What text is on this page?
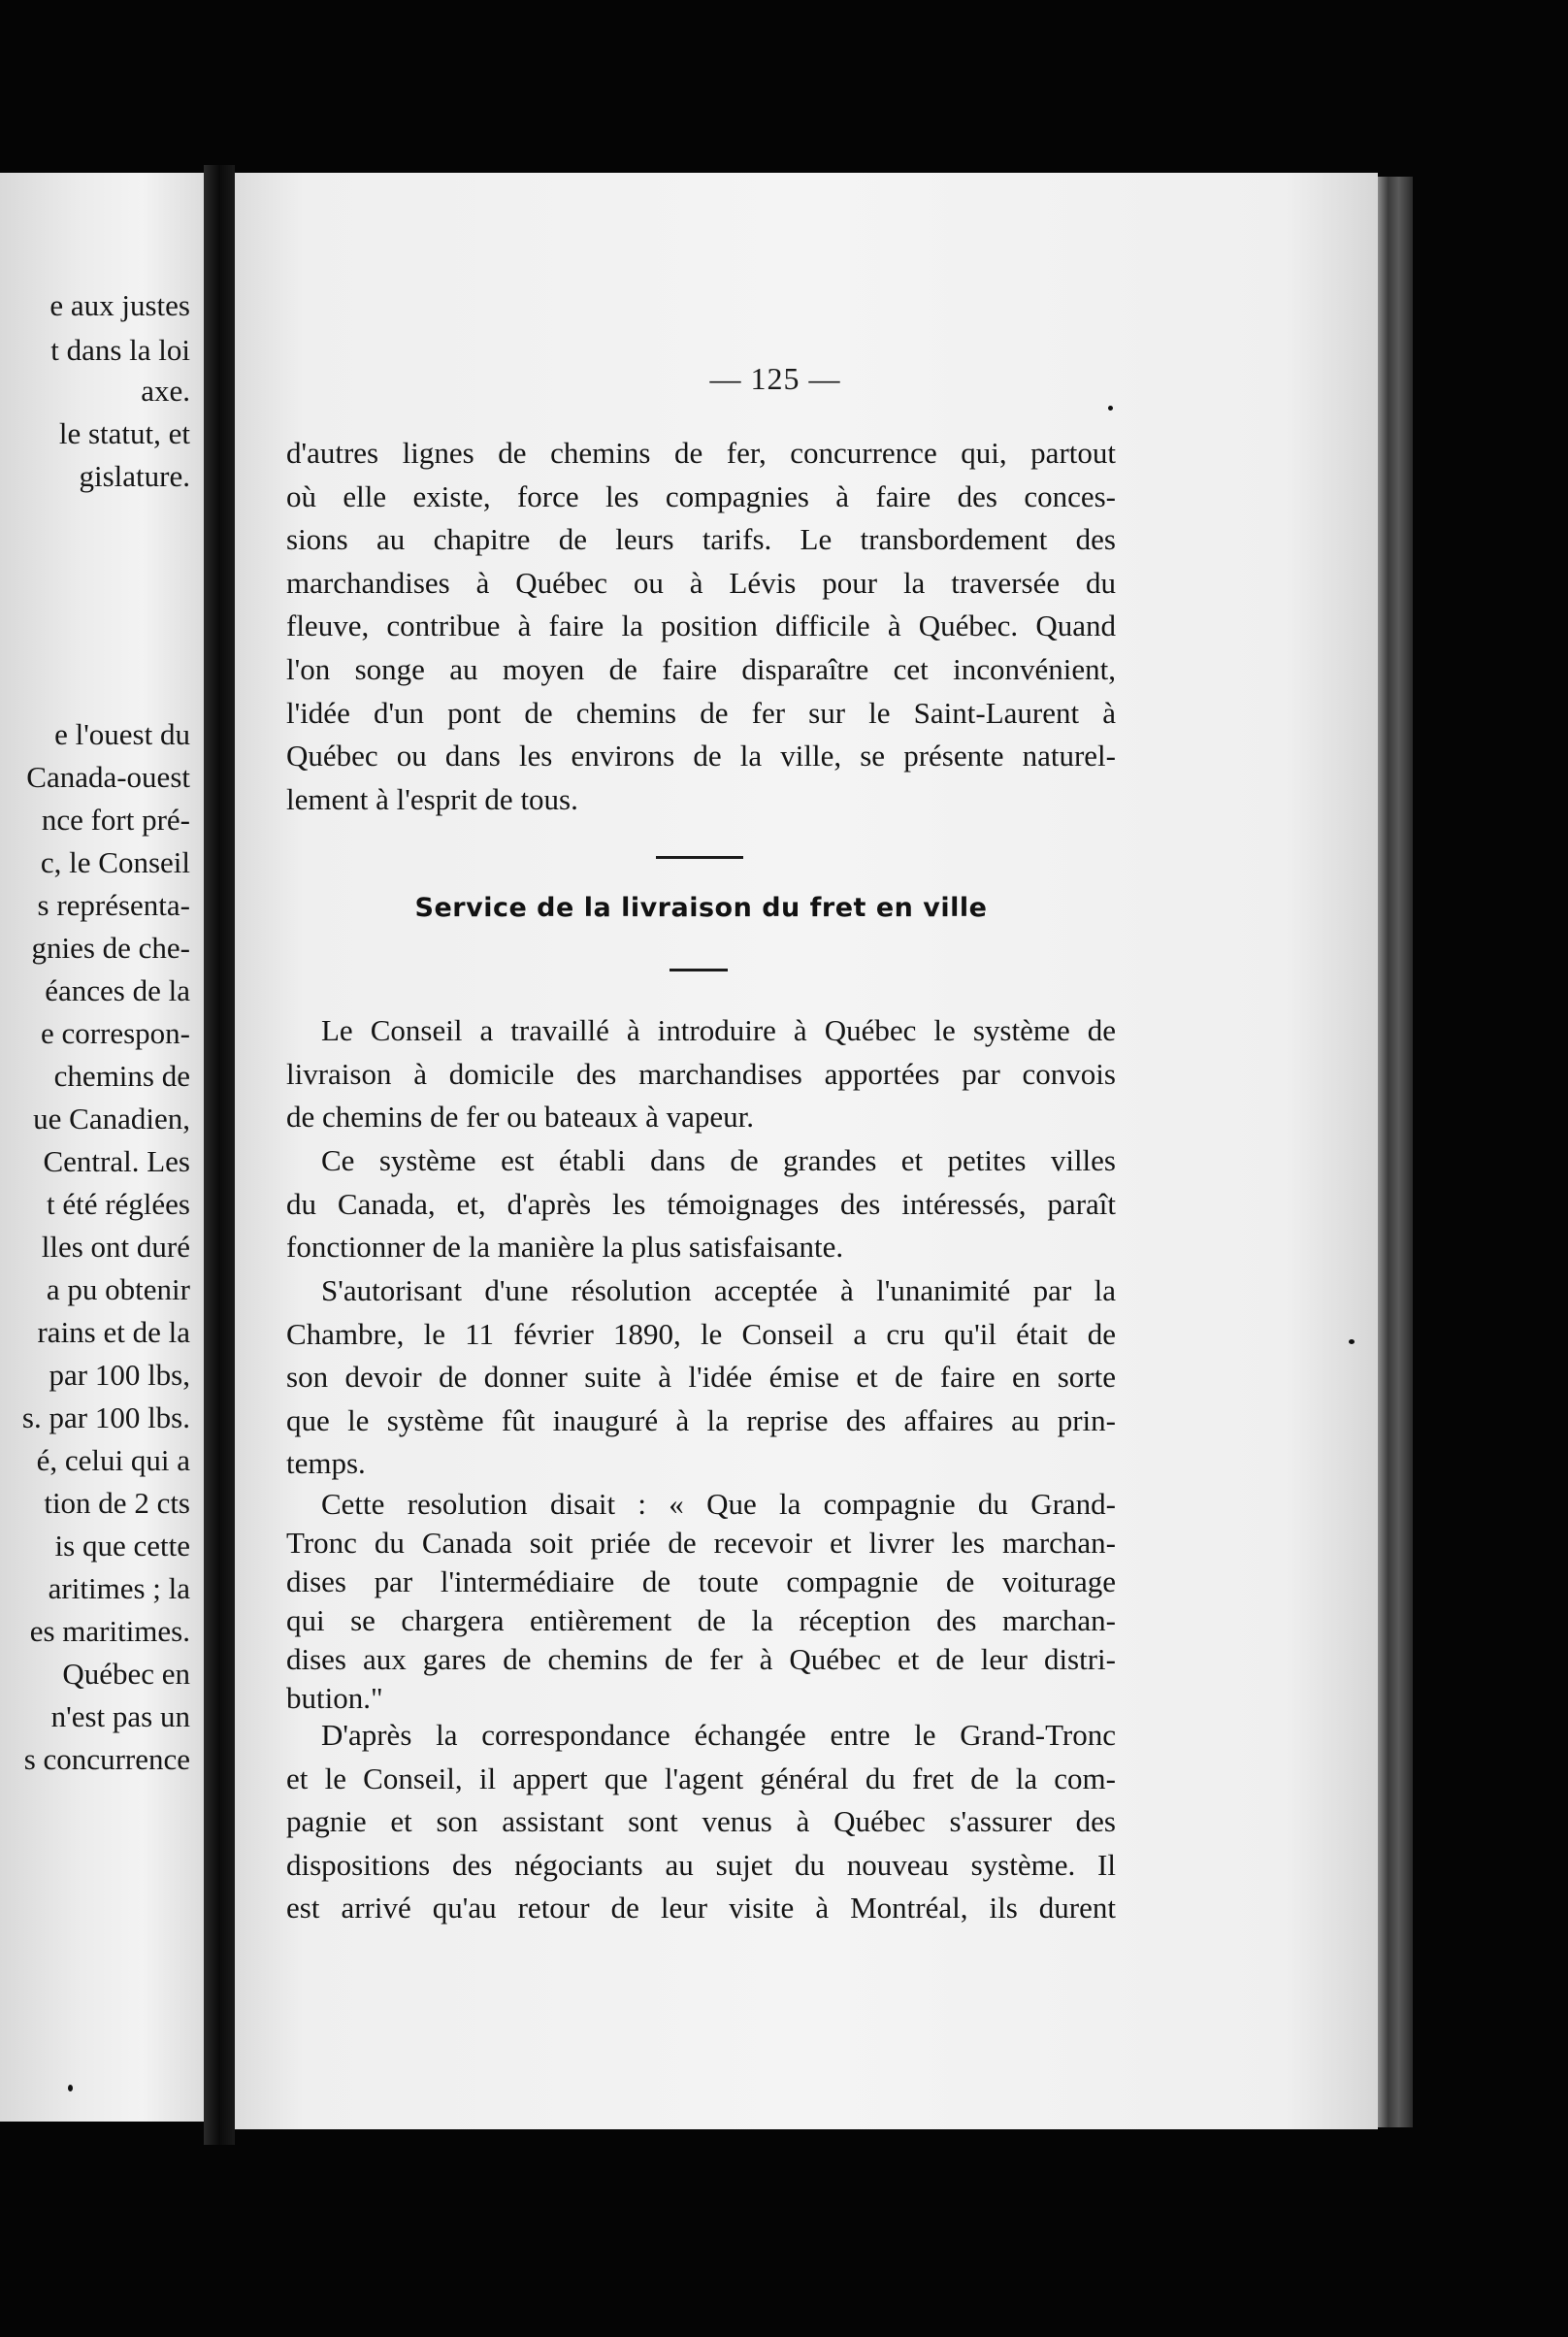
e aux justes
t dans la loi
axe.
le statut, et
gislature.
e l'ouest du
Canada-ouest
nce fort pré-
c, le Conseil
s représenta-
gnies de che-
éances de la
e correspon-
chemins de
ue Canadien,
Central. Les
t été réglées
lles ont duré
a pu obtenir
rains et de la
par 100 lbs,
s. par 100 lbs.
é, celui qui a
tion de 2 cts
is que cette
aritimes ; la
es maritimes.
Québec en
n'est pas un
s concurrence
— 125 —
d'autres lignes de chemins de fer, concurrence qui, partout
où elle existe, force les compagnies à faire des conces-
sions au chapitre de leurs tarifs. Le transbordement des
marchandises à Québec ou à Lévis pour la traversée du
fleuve, contribue à faire la position difficile à Québec. Quand
l'on songe au moyen de faire disparaître cet inconvénient,
l'idée d'un pont de chemins de fer sur le Saint-Laurent à
Québec ou dans les environs de la ville, se présente naturel-
lement à l'esprit de tous.
Service de la livraison du fret en ville
Le Conseil a travaillé à introduire à Québec le système de
livraison à domicile des marchandises apportées par convois
de chemins de fer ou bateaux à vapeur.
Ce système est établi dans de grandes et petites villes
du Canada, et, d'après les témoignages des intéressés, paraît
fonctionner de la manière la plus satisfaisante.
S'autorisant d'une résolution acceptée à l'unanimité par la
Chambre, le 11 février 1890, le Conseil a cru qu'il était de
son devoir de donner suite à l'idée émise et de faire en sorte
que le système fût inauguré à la reprise des affaires au prin-
temps.
Cette resolution disait : « Que la compagnie du Grand-
Tronc du Canada soit priée de recevoir et livrer les marchan-
dises par l'intermédiaire de toute compagnie de voiturage
qui se chargera entièrement de la réception des marchan-
dises aux gares de chemins de fer à Québec et de leur distri-
bution."
D'après la correspondance échangée entre le Grand-Tronc
et le Conseil, il appert que l'agent général du fret de la com-
pagnie et son assistant sont venus à Québec s'assurer des
dispositions des négociants au sujet du nouveau système. Il
est arrivé qu'au retour de leur visite à Montréal, ils durent
